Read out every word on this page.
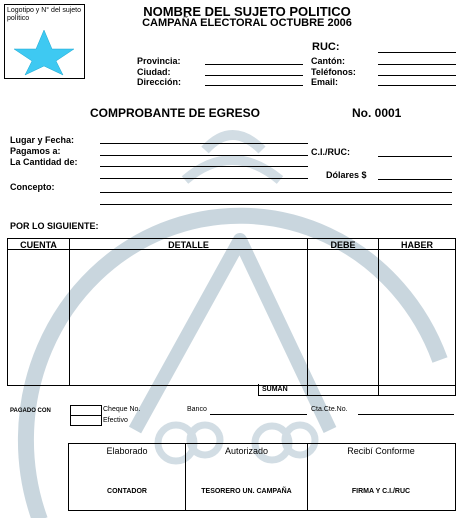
Logotipo y N° del sujeto político	NOMBRE DEL SUJETO POLITICO
CAMPAÑA ELECTORAL OCTUBRE 2006
RUC:
Provincia:
Ciudad:
Dirección:
Cantón:
Teléfonos:
Email:
COMPROBANTE DE EGRESO	No. 0001
Lugar y Fecha:
Pagamos a:	C.I./RUC:
La Cantidad de:
Dólares $
Concepto:
POR LO SIGUIENTE:
CUENTA	DETALLE	DEBE	HABER
SUMAN
PAGADO CON	Cheque No.
Efectivo
Banco	Cta.Cte.No.
Elaborado	Autorizado	Recibí Conforme
CONTADOR	TESORERO UN. CAMPAÑA	FIRMA Y C.I./RUC
